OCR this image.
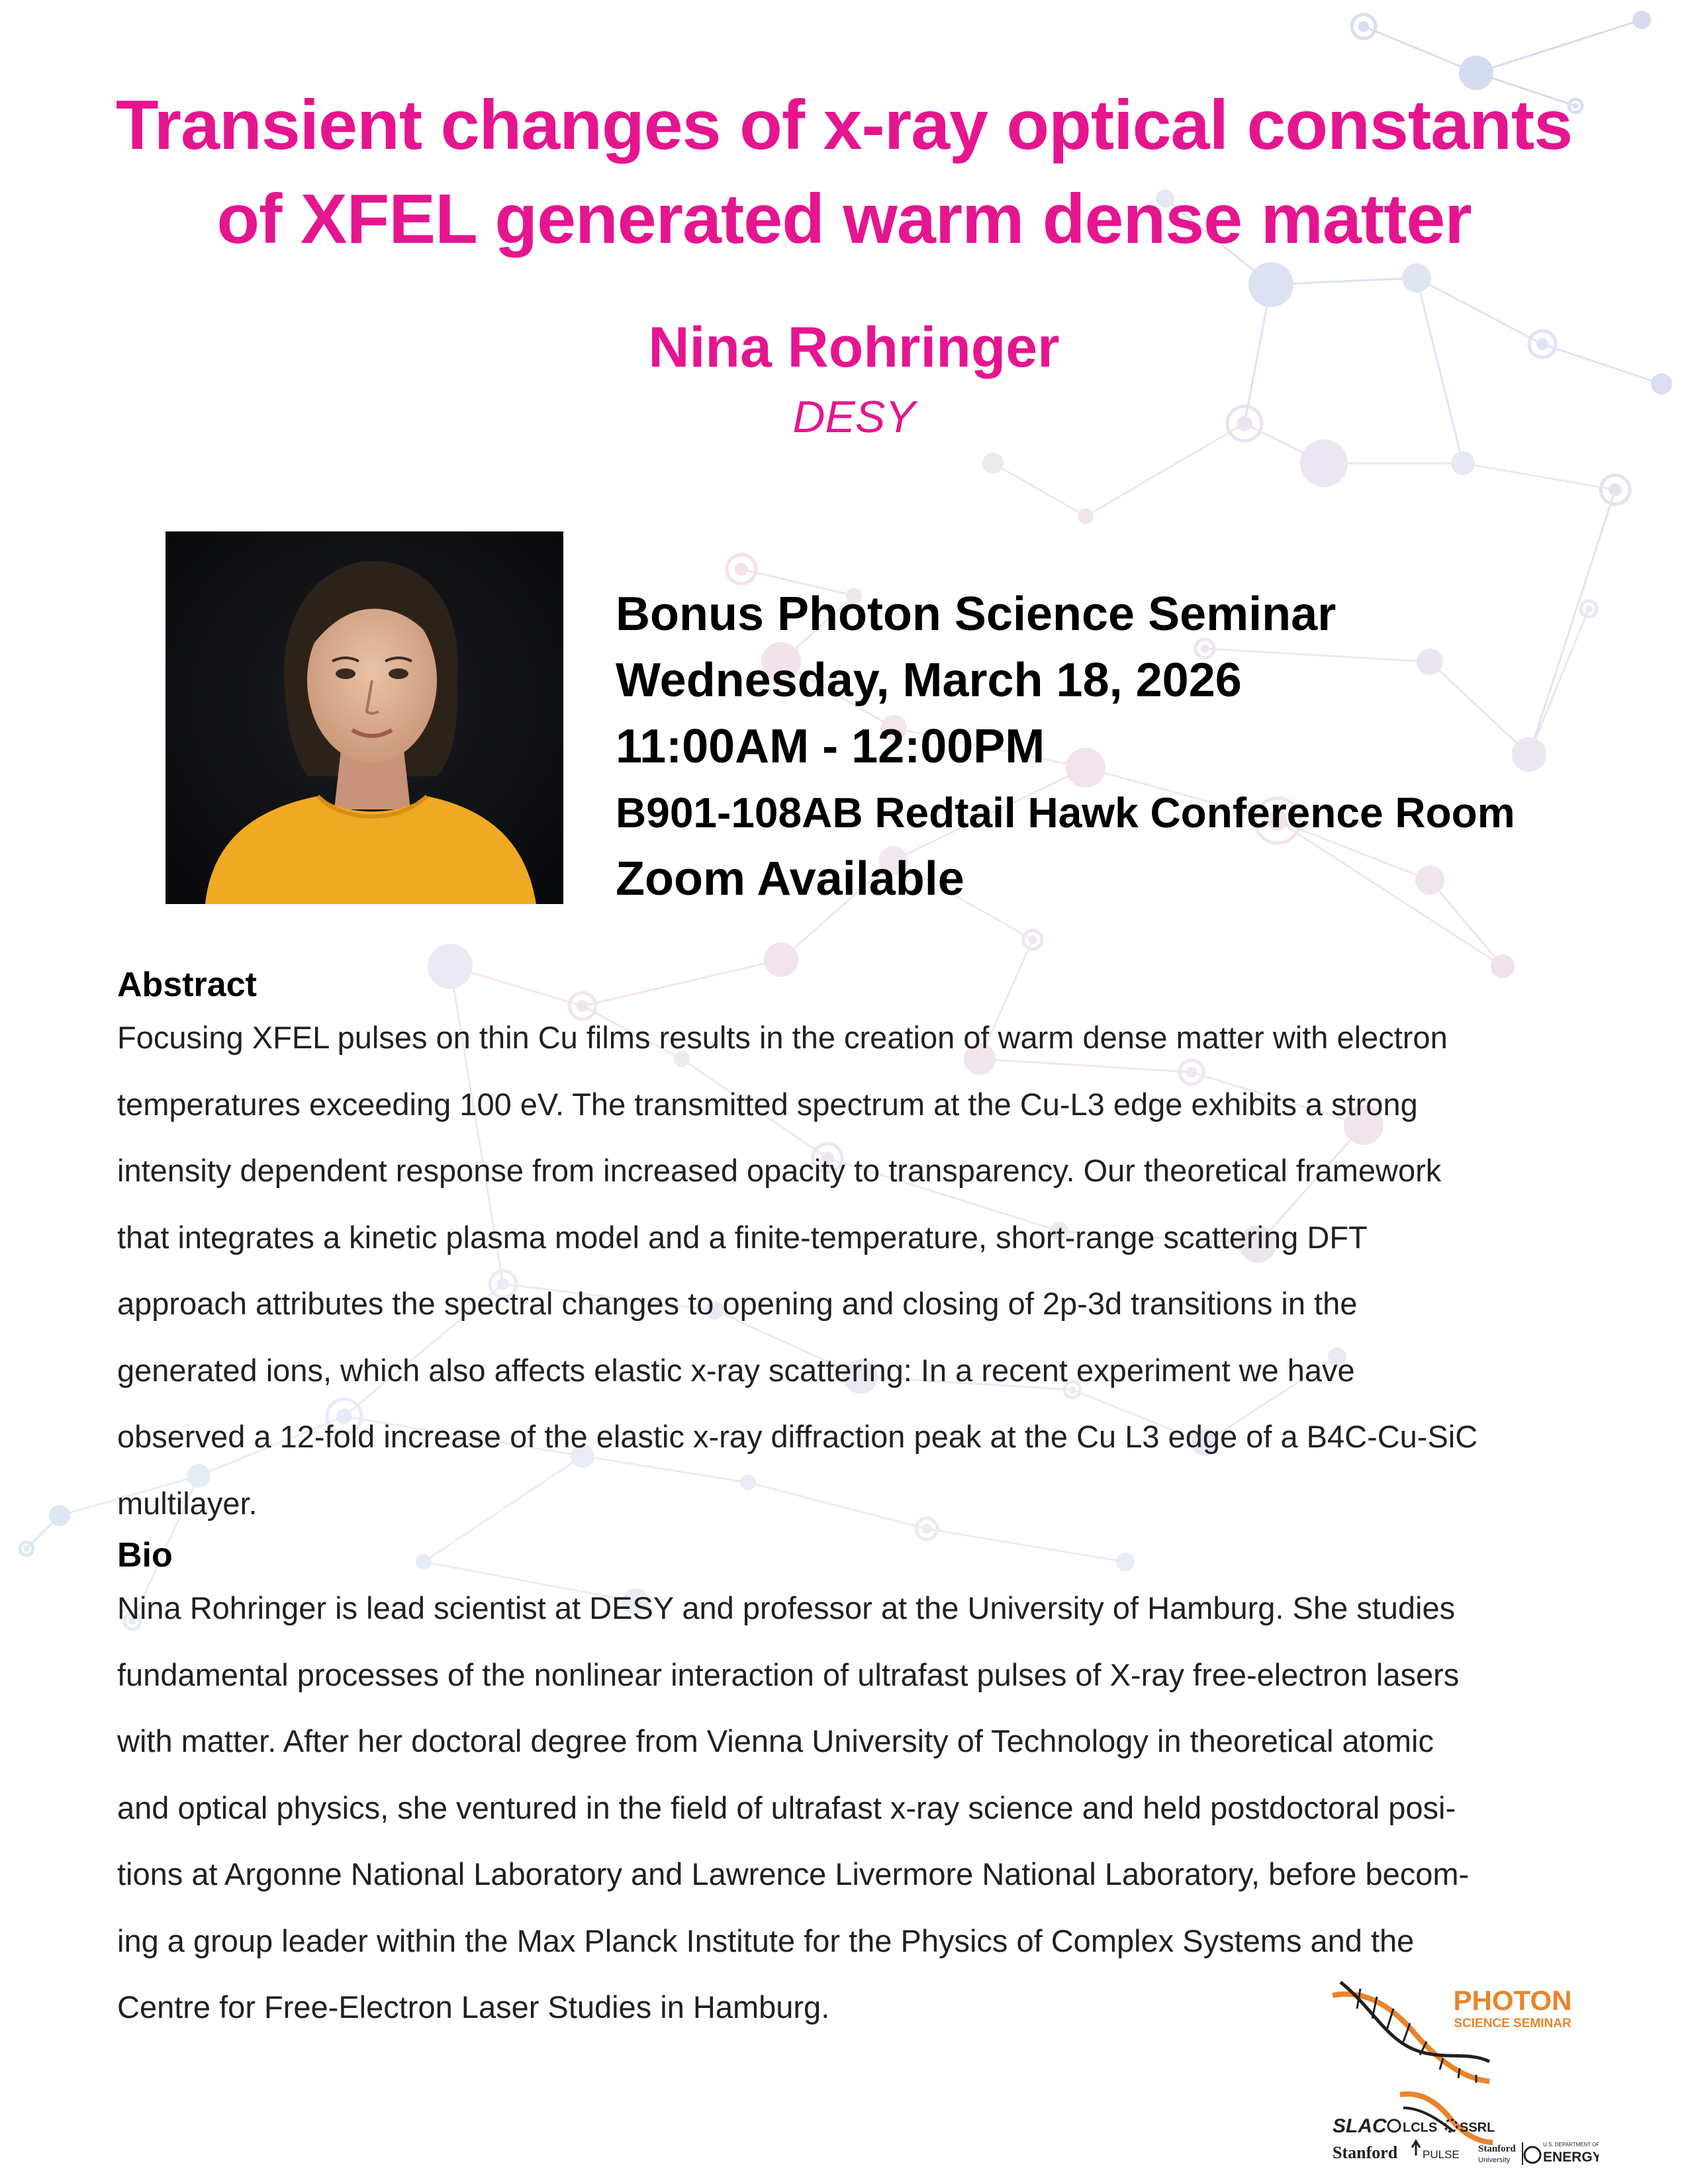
Transient changes of x-ray optical constants
of XFEL generated warm dense matter
Nina Rohringer
DESY
Bonus Photon Science Seminar
Wednesday, March 18, 2026
11:00AM - 12:00PM
B901-108AB Redtail Hawk Conference Room
Zoom Available
Abstract

Focusing XFEL pulses on thin Cu films results in the creation of warm dense matter with electron

temperatures exceeding 100 eV. The transmitted spectrum at the Cu-L3 edge exhibits a strong

intensity dependent response from increased opacity to transparency. Our theoretical framework

that integrates a kinetic plasma model and a finite-temperature, short-range scattering DFT

approach attributes the spectral changes to opening and closing of 2p-3d transitions in the

generated ions, which also affects elastic x-ray scattering: In a recent experiment we have

observed a 12-fold increase of the elastic x-ray diffraction peak at the Cu L3 edge of a B4C-Cu-SiC

multilayer.

Bio

Nina Rohringer is lead scientist at DESY and professor at the University of Hamburg. She studies

fundamental processes of the nonlinear interaction of ultrafast pulses of X-ray free-electron lasers

with matter. After her doctoral degree from Vienna University of Technology in theoretical atomic

and optical physics, she ventured in the field of ultrafast x-ray science and held postdoctoral posi-

tions at Argonne National Laboratory and Lawrence Livermore National Laboratory, before becom-

ing a group leader within the Max Planck Institute for the Physics of Complex Systems and the

Centre for Free-Electron Laser Studies in Hamburg.	PHOTON
SCIENCE SEMINAR
SLAC LCLS SSRL
Stanford PULSE Stanford
University
U.S. DEPARTMENT OF
ENERGY
